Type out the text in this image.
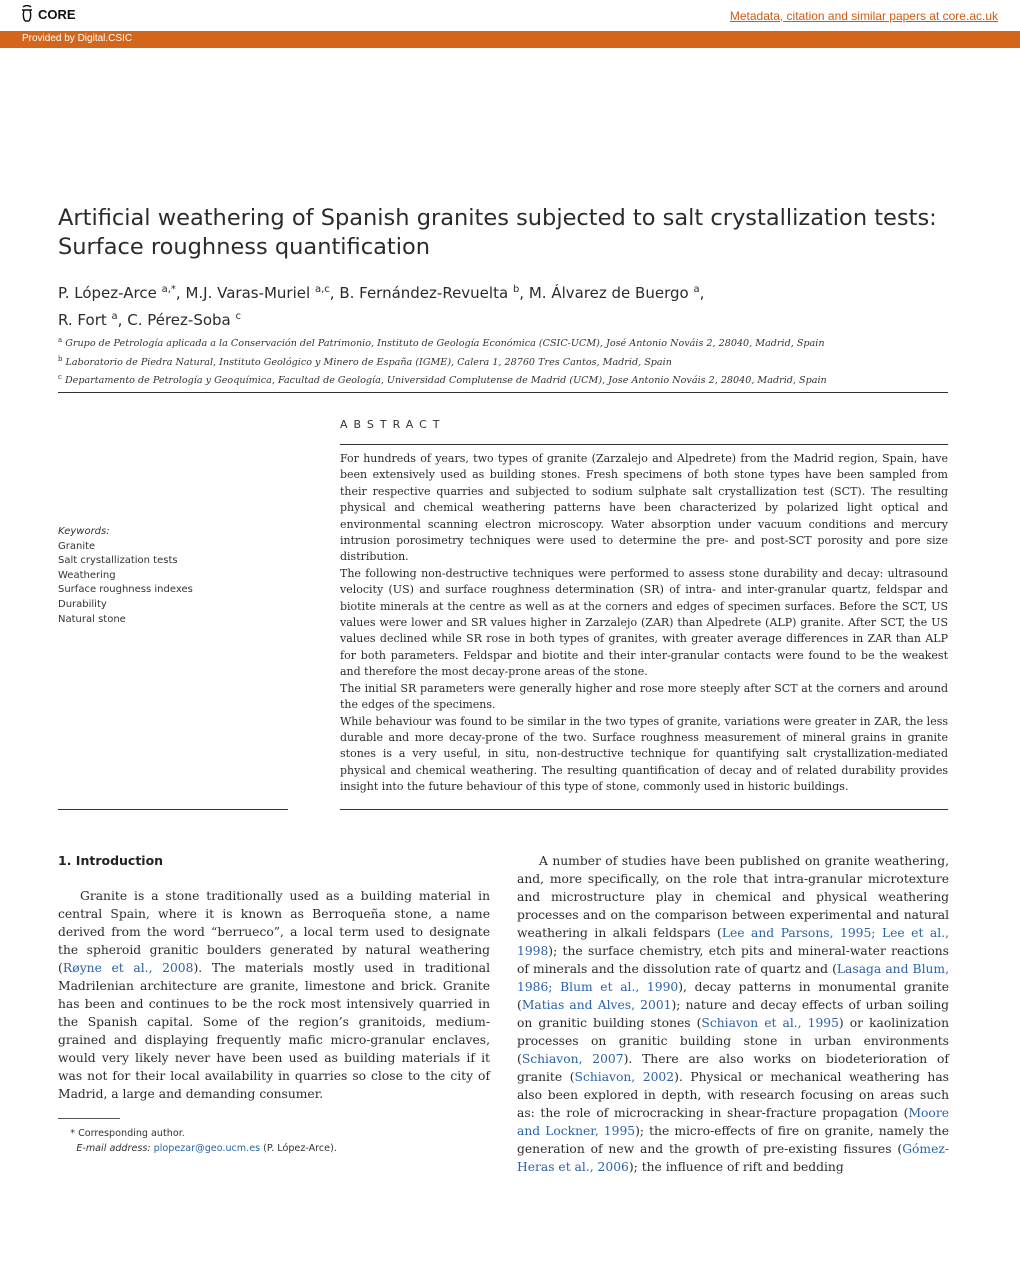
CORE	Metadata, citation and similar papers at core.ac.uk
Provided by Digital.CSIC
Artificial weathering of Spanish granites subjected to salt crystallization tests:
Surface roughness quantification
P. López-Arce $^{a,*}$, M.J. Varas-Muriel $^{a,c}$, B. Fernández-Revuelta $^b$, M. Álvarez de Buergo $^a$,
R. Fort $^a$, C. Pérez-Soba $^c$
$^a$ Grupo de Petrología aplicada a la Conservación del Patrimonio, Instituto de Geología Económica (CSIC-UCM), José Antonio Nováis 2, 28040, Madrid, Spain
$^b$ Laboratorio de Piedra Natural, Instituto Geológico y Minero de España (IGME), Calera 1, 28760 Tres Cantos, Madrid, Spain
$^c$ Departamento de Petrología y Geoquímica, Facultad de Geología, Universidad Complutense de Madrid (UCM), Jose Antonio Nováis 2, 28040, Madrid, Spain
ABSTRACT
Keywords:
Granite
Salt crystallization tests
Weathering
Surface roughness indexes
Durability
Natural stone

For hundreds of years, two types of granite (Zarzalejo and Alpedrete) from the Madrid region, Spain, have been extensively used as building stones. Fresh specimens of both stone types have been sampled from their respective quarries and subjected to sodium sulphate salt crystallization test (SCT). The resulting physical and chemical weathering patterns have been characterized by polarized light optical and environmental scanning electron microscopy. Water absorption under vacuum conditions and mercury intrusion porosimetry techniques were used to determine the pre- and post-SCT porosity and pore size distribution.

The following non-destructive techniques were performed to assess stone durability and decay: ultrasound velocity (US) and surface roughness determination (SR) of intra- and inter-granular quartz, feldspar and biotite minerals at the centre as well as at the corners and edges of specimen surfaces. Before the SCT, US values were lower and SR values higher in Zarzalejo (ZAR) than Alpedrete (ALP) granite. After SCT, the US values declined while SR rose in both types of granites, with greater average differences in ZAR than ALP for both parameters. Feldspar and biotite and their inter-granular contacts were found to be the weakest and therefore the most decay-prone areas of the stone.

The initial SR parameters were generally higher and rose more steeply after SCT at the corners and around the edges of the specimens.

While behaviour was found to be similar in the two types of granite, variations were greater in ZAR, the less durable and more decay-prone of the two. Surface roughness measurement of mineral grains in granite stones is a very useful, in situ, non-destructive technique for quantifying salt crystallization-mediated physical and chemical weathering. The resulting quantification of decay and of related durability provides insight into the future behaviour of this type of stone, commonly used in historic buildings.

1. Introduction
Granite is a stone traditionally used as a building material in central Spain, where it is known as Berroqueña stone, a name derived from the word “berrueco”, a local term used to designate the spheroid granitic boulders generated by natural weathering (Røyne et al., 2008). The materials mostly used in traditional Madrilenian architecture are granite, limestone and brick. Granite has been and continues to be the rock most intensively quarried in the Spanish capital. Some of the region’s granitoids, medium-grained and displaying frequently mafic micro-granular enclaves, would very likely never have been used as building materials if it was not for their local availability in quarries so close to the city of Madrid, a large and demanding consumer.
A number of studies have been published on granite weathering, and, more specifically, on the role that intra-granular microtexture and microstructure play in chemical and physical weathering processes and on the comparison between experimental and natural weathering in alkali feldspars (Lee and Parsons, 1995; Lee et al., 1998); the surface chemistry, etch pits and mineral-water reactions of minerals and the dissolution rate of quartz and (Lasaga and Blum, 1986; Blum et al., 1990), decay patterns in monumental granite (Matias and Alves, 2001); nature and decay effects of urban soiling on granitic building stones (Schiavon et al., 1995) or kaolinization processes on granitic building stone in urban environments (Schiavon, 2007). There are also works on biodeterioration of granite (Schiavon, 2002). Physical or mechanical weathering has also been explored in depth, with research focusing on areas such as: the role of microcracking in shear-fracture propagation (Moore and Lockner, 1995); the micro-effects of fire on granite, namely the generation of new and the growth of pre-existing fissures (Gómez-Heras et al., 2006); the influence of rift and bedding
* Corresponding author.
E-mail address: plopezar@geo.ucm.es (P. López-Arce).
